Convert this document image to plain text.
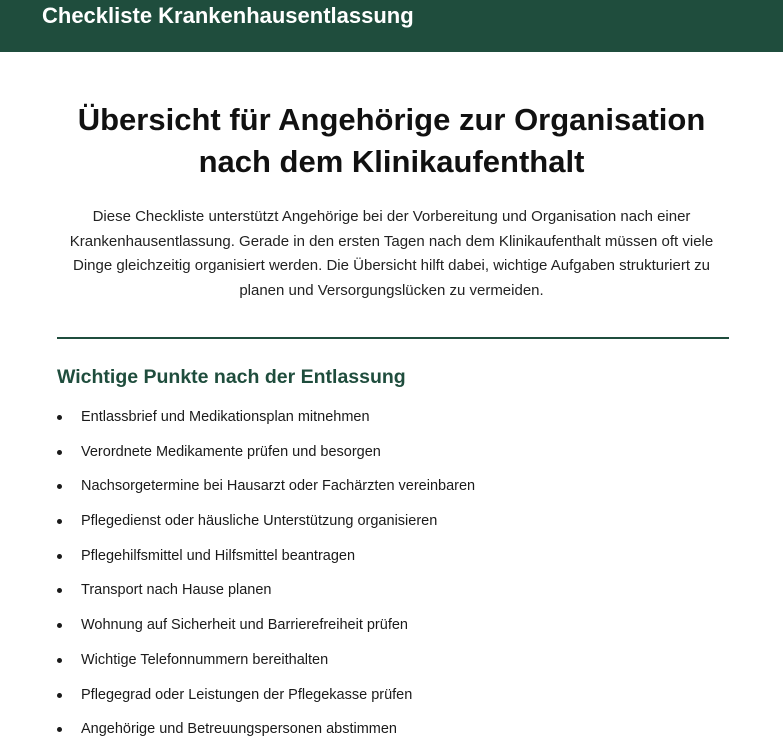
Checkliste Krankenhausentlassung
Übersicht für Angehörige zur Organisation nach dem Klinikaufenthalt

Diese Checkliste unterstützt Angehörige bei der Vorbereitung und Organisation nach einer Krankenhausentlassung. Gerade in den ersten Tagen nach dem Klinikaufenthalt müssen oft viele Dinge gleichzeitig organisiert werden. Die Übersicht hilft dabei, wichtige Aufgaben strukturiert zu planen und Versorgungslücken zu vermeiden.

Wichtige Punkte nach der Entlassung
Entlassbrief und Medikationsplan mitnehmen
Verordnete Medikamente prüfen und besorgen
Nachsorgetermine bei Hausarzt oder Fachärzten vereinbaren
Pflegedienst oder häusliche Unterstützung organisieren
Pflegehilfsmittel und Hilfsmittel beantragen
Transport nach Hause planen
Wohnung auf Sicherheit und Barrierefreiheit prüfen
Wichtige Telefonnummern bereithalten
Pflegegrad oder Leistungen der Pflegekasse prüfen
Angehörige und Betreuungspersonen abstimmen
